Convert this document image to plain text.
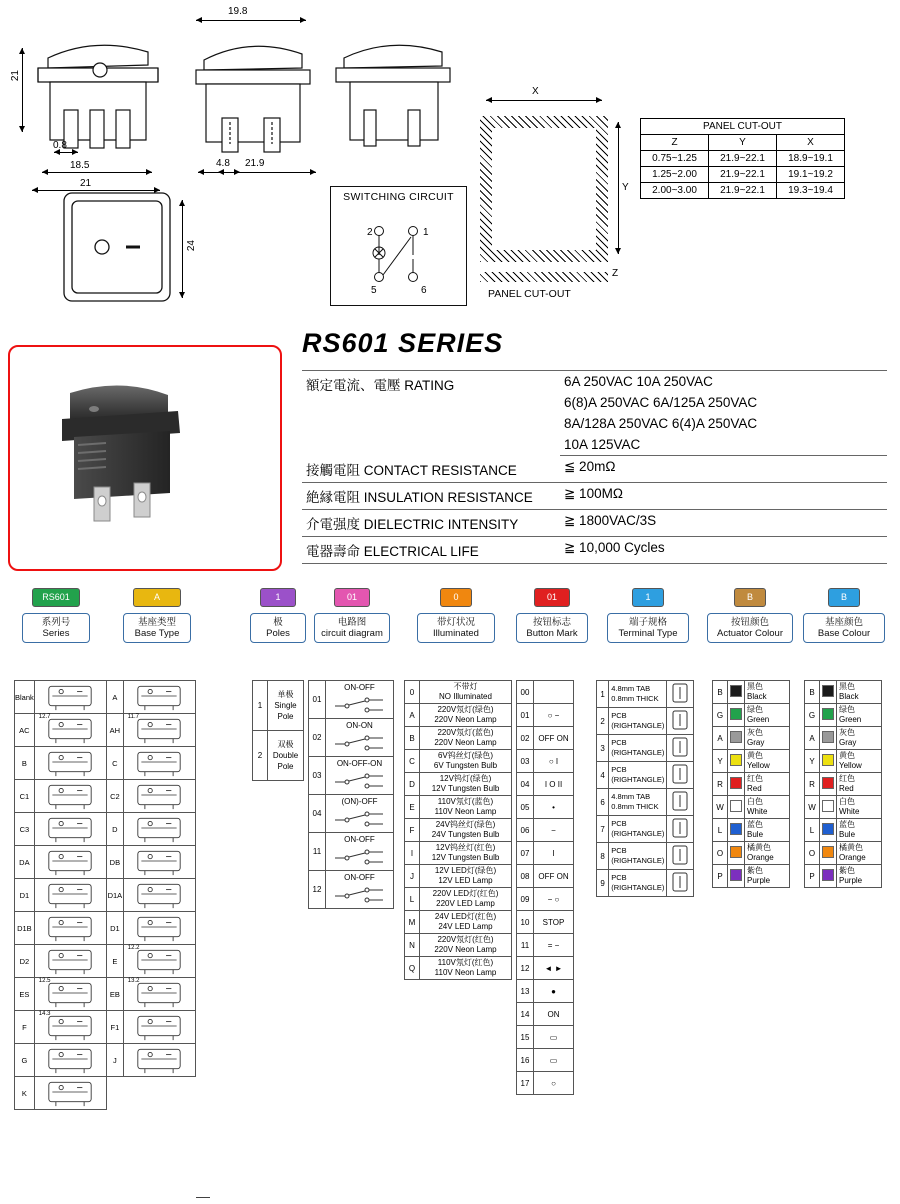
21
0.8
18.5
21
19.8
4.8 21.9
24
SWITCHING CIRCUIT
2	1
5	6
X
Y
Z
PANEL CUT-OUT
PANEL CUT-OUT		
Z	Y	X
0.75~1.25	21.9~22.1	18.9~19.1
1.25~2.00	21.9~22.1	19.1~19.2
2.00~3.00	21.9~22.1	19.3~19.4
RS601 SERIES
額定電流、電壓 RATING	6A 250VAC 10A 250VAC
	6(8)A 250VAC 6A/125A 250VAC
	8A/128A 250VAC 6(4)A 250VAC
	10A 125VAC
接觸電阻 CONTACT RESISTANCE	≦ 20mΩ
絶縁電阻 INSULATION RESISTANCE	≧ 100MΩ
介電强度 DIELECTRIC INTENSITY	≧ 1800VAC/3S
電器壽命 ELECTRICAL LIFE	≧ 10,000 Cycles
RS601
系列号
Series
A
基座类型
Base Type
—
1
极
Poles
01
电路图
circuit diagram
0
带灯状况
Illuminated
01
按钮标志
Button Mark
1
端子规格
Terminal Type
B
按钮颜色
Actuator Colour
B
基座颜色
Base Colour
Blank		A	
AC	12.7	AH	11.7

B		C	
C1		C2	
C3		D	
DA		DB	
D1		D1A	
D1B		D1	
D2		E	12.2

ES	12.5	EB	13.2

F	14.3	F1	
G		J	
K			
1	单极
Single Pole
2	双极
Double Pole
01	ON-OFF

02	ON-ON

03	ON-OFF-ON

04	(ON)-OFF

11	ON-OFF

12	ON-OFF
0	不带灯
NO Illuminated
A	220V氖灯(绿色)
220V Neon Lamp
B	220V氖灯(蓝色)
220V Neon Lamp
C	6V钨丝灯(绿色)
6V Tungsten Bulb
D	12V钨灯(绿色)
12V Tungsten Bulb
E	110V氖灯(蓝色)
110V Neon Lamp
F	24V钨丝灯(绿色)
24V Tungsten Bulb
I	12V钨丝灯(红色)
12V Tungsten Bulb
J	12V LED灯(绿色)
12V LED Lamp
L	220V LED灯(红色)
220V LED Lamp
M	24V LED灯(红色)
24V LED Lamp
N	220V氖灯(红色)
220V Neon Lamp
Q	110V氖灯(红色)
110V Neon Lamp
00	
01	○ −
02	OFF ON
03	○ I
04	I O II
05	•
06	−
07	I
08	OFF ON
09	− ○
10	STOP
11	= −
12	◄ ►
13	●
14	ON
15	▭
16	▭
17	○
1	4.8mm TAB
0.8mm THICK	
2	PCB
(RIGHTANGLE)	
3	PCB
(RIGHTANGLE)	
4	PCB
(RIGHTANGLE)	
6	4.8mm TAB
0.8mm THICK	
7	PCB
(RIGHTANGLE)	
8	PCB
(RIGHTANGLE)	
9	PCB
(RIGHTANGLE)	
B		黑色
Black
G		绿色
Green
A		灰色
Gray
Y		黄色
Yellow
R		红色
Red
W		白色
White
L		蓝色
Bule
O		橘黄色
Orange
P		紫色
Purple
B		黑色
Black
G		绿色
Green
A		灰色
Gray
Y		黄色
Yellow
R		红色
Red
W		白色
White
L		蓝色
Bule
O		橘黄色
Orange
P		紫色
Purple
